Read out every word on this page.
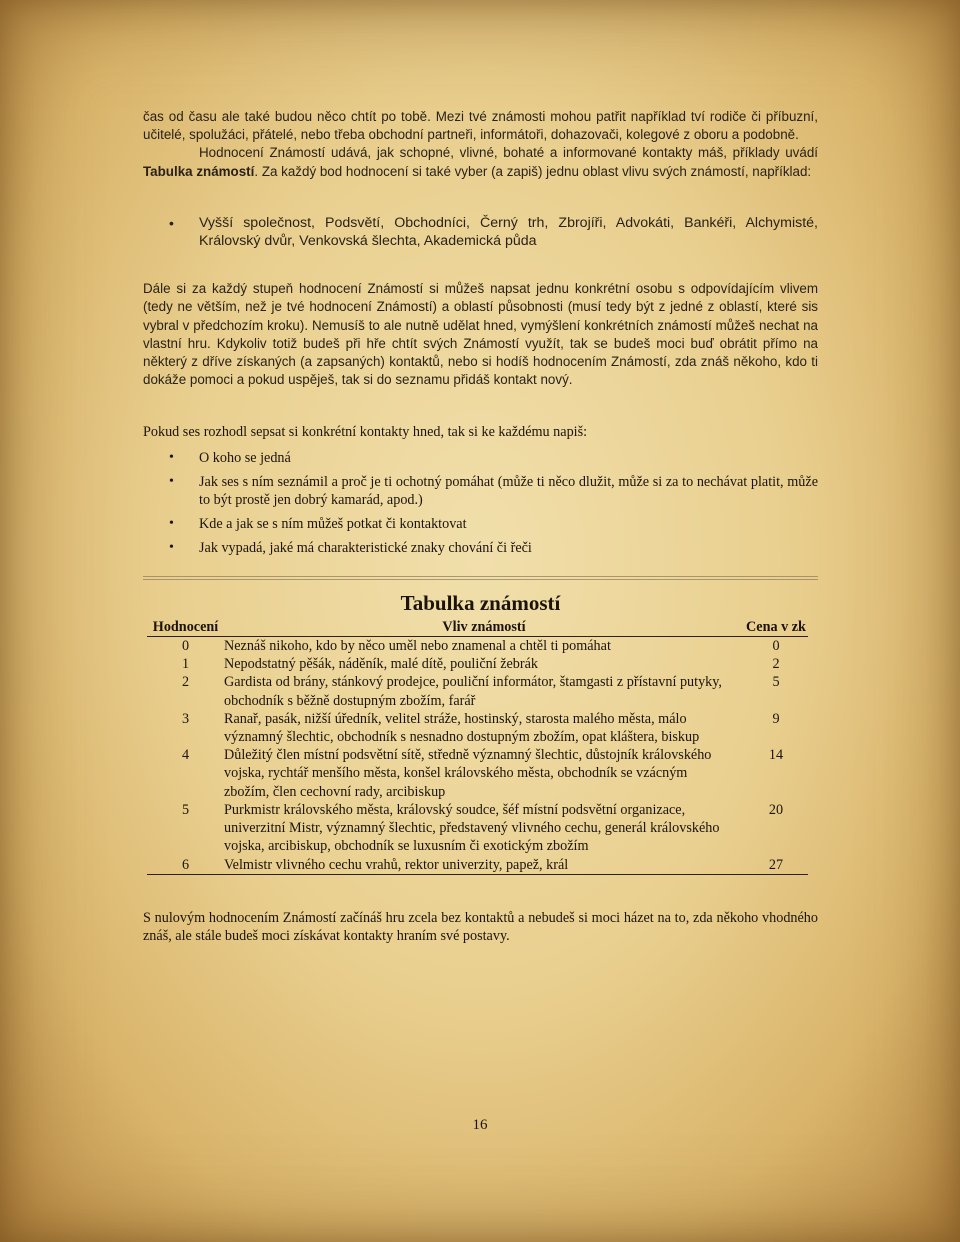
čas od času ale také budou něco chtít po tobě. Mezi tvé známosti mohou patřit například tví rodiče či příbuzní, učitelé, spolužáci, přátelé, nebo třeba obchodní partneři, informátoři, dohazovači, kolegové z oboru a podobně.

Hodnocení Známostí udává, jak schopné, vlivné, bohaté a informované kontakty máš, příklady uvádí Tabulka známostí. Za každý bod hodnocení si také vyber (a zapiš) jednu oblast vlivu svých známostí, například:

• Vyšší společnost, Podsvětí, Obchodníci, Černý trh, Zbrojíři, Advokáti, Bankéři, Alchymisté, Královský dvůr, Venkovská šlechta, Akademická půda

Dále si za každý stupeň hodnocení Známostí si můžeš napsat jednu konkrétní osobu s odpovídajícím vlivem (tedy ne větším, než je tvé hodnocení Známostí) a oblastí působnosti (musí tedy být z jedné z oblastí, které sis vybral v předchozím kroku). Nemusíš to ale nutně udělat hned, vymýšlení konkrétních známostí můžeš nechat na vlastní hru. Kdykoliv totiž budeš při hře chtít svých Známostí využít, tak se budeš moci buď obrátit přímo na některý z dříve získaných (a zapsaných) kontaktů, nebo si hodíš hodnocením Známostí, zda znáš někoho, kdo ti dokáže pomoci a pokud uspěješ, tak si do seznamu přidáš kontakt nový.

Pokud ses rozhodl sepsat si konkrétní kontakty hned, tak si ke každému napiš:

• O koho se jedná
• Jak ses s ním seznámil a proč je ti ochotný pomáhat (může ti něco dlužit, může si za to nechávat platit, může to být prostě jen dobrý kamarád, apod.)
• Kde a jak se s ním můžeš potkat či kontaktovat
• Jak vypadá, jaké má charakteristické znaky chování či řeči

Tabulka známostí

Hodnocení	Vliv známostí	Cena v zk
0	Neznáš nikoho, kdo by něco uměl nebo znamenal a chtěl ti pomáhat	0
1	Nepodstatný pěšák, náděník, malé dítě, pouliční žebrák	2
2	Gardista od brány, stánkový prodejce, pouliční informátor, štamgasti z přístavní putyky, obchodník s běžně dostupným zbožím, farář	5
3	Ranař, pasák, nižší úředník, velitel stráže, hostinský, starosta malého města, málo významný šlechtic, obchodník s nesnadno dostupným zbožím, opat kláštera, biskup	9
4	Důležitý člen místní podsvětní sítě, středně významný šlechtic, důstojník královského vojska, rychtář menšího města, konšel královského města, obchodník se vzácným zbožím, člen cechovní rady, arcibiskup	14
5	Purkmistr královského města, královský soudce, šéf místní podsvětní organizace, univerzitní Mistr, významný šlechtic, představený vlivného cechu, generál královského vojska, arcibiskup, obchodník se luxusním či exotickým zbožím	20
6	Velmistr vlivného cechu vrahů, rektor univerzity, papež, král	27

S nulovým hodnocením Známostí začínáš hru zcela bez kontaktů a nebudeš si moci házet na to, zda někoho vhodného znáš, ale stále budeš moci získávat kontakty hraním své postavy.

16
